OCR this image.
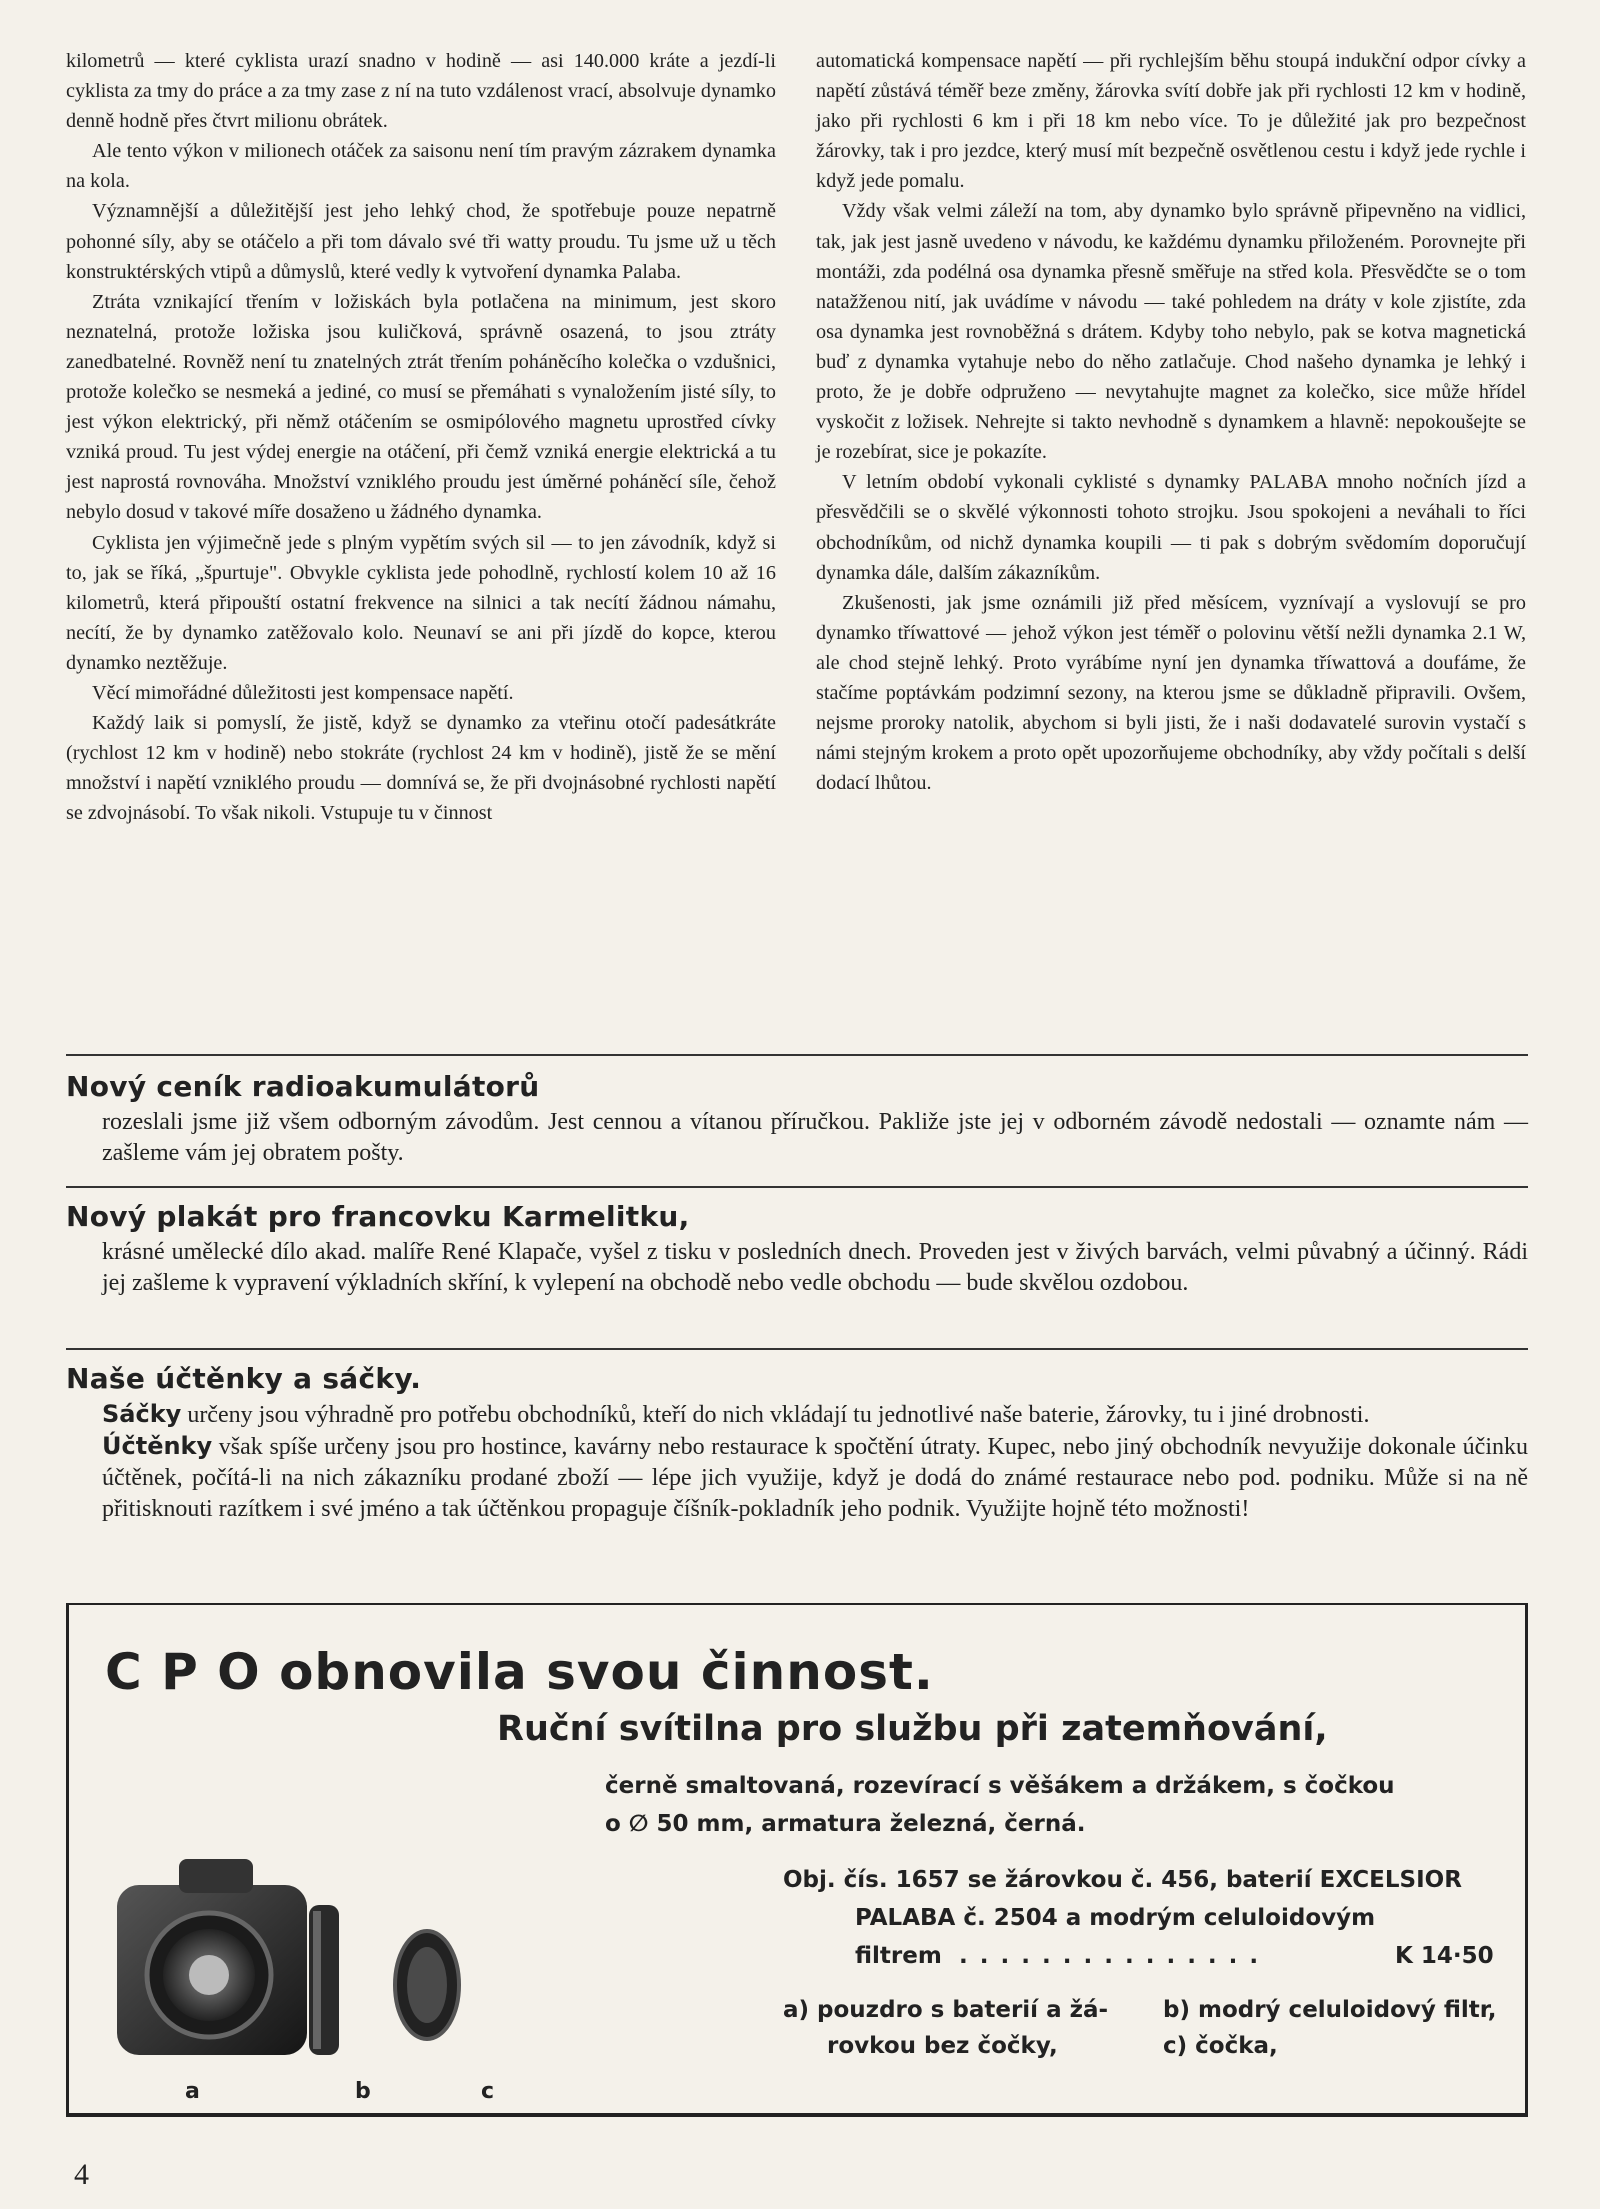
kilometrů — které cyklista urazí snadno v hodině — asi 140.000 kráte a jezdí-li cyklista za tmy do práce a za tmy zase z ní na tuto vzdálenost vrací, absolvuje dynamko denně hodně přes čtvrt milionu obrátek.

Ale tento výkon v milionech otáček za saisonu není tím pravým zázrakem dynamka na kola.

Významnější a důležitější jest jeho lehký chod, že spotřebuje pouze nepatrně pohonné síly, aby se otáčelo a při tom dávalo své tři watty proudu. Tu jsme už u těch konstruktérských vtipů a důmyslů, které vedly k vytvoření dynamka Palaba.

Ztráta vznikající třením v ložiskách byla potlačena na minimum, jest skoro neznatelná, protože ložiska jsou kuličková, správně osazená, to jsou ztráty zanedbatelné. Rovněž není tu znatelných ztrát třením poháněcího kolečka o vzdušnici, protože kolečko se nesmeká a jediné, co musí se přemáhati s vynaložením jisté síly, to jest výkon elektrický, při němž otáčením se osmipólového magnetu uprostřed cívky vzniká proud. Tu jest výdej energie na otáčení, při čemž vzniká energie elektrická a tu jest naprostá rovnováha. Množství vzniklého proudu jest úměrné poháněcí síle, čehož nebylo dosud v takové míře dosaženo u žádného dynamka.

Cyklista jen výjimečně jede s plným vypětím svých sil — to jen závodník, když si to, jak se říká, „špurtuje". Obvykle cyklista jede pohodlně, rychlostí kolem 10 až 16 kilometrů, která připouští ostatní frekvence na silnici a tak necítí žádnou námahu, necítí, že by dynamko zatěžovalo kolo. Neunaví se ani při jízdě do kopce, kterou dynamko neztěžuje.

Věcí mimořádné důležitosti jest kompensace napětí.

Každý laik si pomyslí, že jistě, když se dynamko za vteřinu otočí padesátkráte (rychlost 12 km v hodině) nebo stokráte (rychlost 24 km v hodině), jistě že se mění množství i napětí vzniklého proudu — domnívá se, že při dvojnásobné rychlosti napětí se zdvojnásobí. To však nikoli. Vstupuje tu v činnost

automatická kompensace napětí — při rychlejším běhu stoupá indukční odpor cívky a napětí zůstává téměř beze změny, žárovka svítí dobře jak při rychlosti 12 km v hodině, jako při rychlosti 6 km i při 18 km nebo více. To je důležité jak pro bezpečnost žárovky, tak i pro jezdce, který musí mít bezpečně osvětlenou cestu i když jede rychle i když jede pomalu.

Vždy však velmi záleží na tom, aby dynamko bylo správně připevněno na vidlici, tak, jak jest jasně uvedeno v návodu, ke každému dynamku přiloženém. Porovnejte při montáži, zda podélná osa dynamka přesně směřuje na střed kola. Přesvědčte se o tom natažženou nití, jak uvádíme v návodu — také pohledem na dráty v kole zjistíte, zda osa dynamka jest rovnoběžná s drátem. Kdyby toho nebylo, pak se kotva magnetická buď z dynamka vytahuje nebo do něho zatlačuje. Chod našeho dynamka je lehký i proto, že je dobře odpruženo — nevytahujte magnet za kolečko, sice může hřídel vyskočit z ložisek. Nehrejte si takto nevhodně s dynamkem a hlavně: nepokoušejte se je rozebírat, sice je pokazíte.

V letním období vykonali cyklisté s dynamky PALABA mnoho nočních jízd a přesvědčili se o skvělé výkonnosti tohoto strojku. Jsou spokojeni a neváhali to říci obchodníkům, od nichž dynamka koupili — ti pak s dobrým svědomím doporučují dynamka dále, dalším zákazníkům.

Zkušenosti, jak jsme oznámili již před měsícem, vyznívají a vyslovují se pro dynamko tříwattové — jehož výkon jest téměř o polovinu větší nežli dynamka 2.1 W, ale chod stejně lehký. Proto vyrábíme nyní jen dynamka tříwattová a doufáme, že stačíme poptávkám podzimní sezony, na kterou jsme se důkladně připravili. Ovšem, nejsme proroky natolik, abychom si byli jisti, že i naši dodavatelé surovin vystačí s námi stejným krokem a proto opět upozorňujeme obchodníky, aby vždy počítali s delší dodací lhůtou.

Nový ceník radioakumulátorů

rozeslali jsme již všem odborným závodům. Jest cennou a vítanou příručkou. Pakliže jste jej v odborném závodě nedostali — oznamte nám — zašleme vám jej obratem pošty.

Nový plakát pro francovku Karmelitku,

krásné umělecké dílo akad. malíře René Klapače, vyšel z tisku v posledních dnech. Proveden jest v živých barvách, velmi půvabný a účinný. Rádi jej zašleme k vypravení výkladních skříní, k vylepení na obchodě nebo vedle obchodu — bude skvělou ozdobou.

Naše účtěnky a sáčky.

Sáčky určeny jsou výhradně pro potřebu obchodníků, kteří do nich vkládají tu jednotlivé naše baterie, žárovky, tu i jiné drobnosti.

Účtěnky však spíše určeny jsou pro hostince, kavárny nebo restaurace k spočtění útraty. Kupec, nebo jiný obchodník nevyužije dokonale účinku účtěnek, počítá-li na nich zákazníku prodané zboží — lépe jich využije, když je dodá do známé restaurace nebo pod. podniku. Může si na ně přitisknouti razítkem i své jméno a tak účtěnkou propaguje číšník-pokladník jeho podnik. Využijte hojně této možnosti!

C P O obnovila svou činnost.
Ruční svítilna pro službu při zatemňování,
černě smaltovaná, rozevírací s věšákem a držákem, s čočkou
o ∅ 50 mm, armatura železná, černá.
Obj. čís. 1657 se žárovkou č. 456, baterií EXCELSIOR
PALABA č. 2504 a modrým celuloidovým
filtrem . . . . . . . . . . . . . . .	K 14·50
a) pouzdro s baterií a žá-
rovkou bez čočky,
b) modrý celuloidový filtr,
c) čočka,
a	b	c
4
